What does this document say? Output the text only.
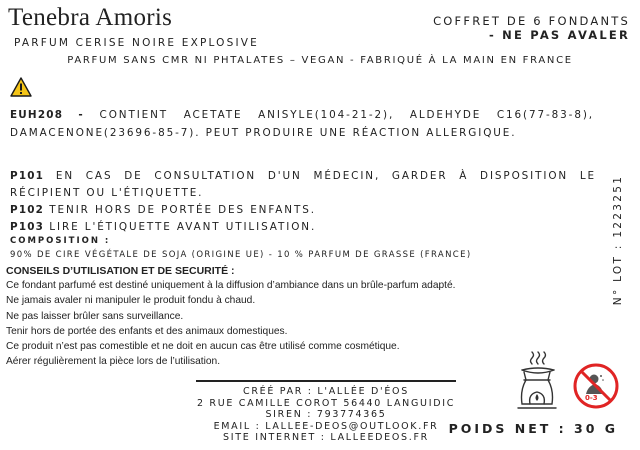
Tenebra Amoris
PARFUM CERISE NOIRE EXPLOSIVE
COFFRET DE 6 FONDANTS
- NE PAS AVALER
PARFUM SANS CMR NI PHTALATES – VEGAN - FABRIQUÉ À LA MAIN EN FRANCE
EUH208 - CONTIENT ACETATE ANISYLE(104-21-2), ALDEHYDE C16(77-83-8), DAMACENONE(23696-85-7). PEUT PRODUIRE UNE RÉACTION ALLERGIQUE.
P101 EN CAS DE CONSULTATION D'UN MÉDECIN, GARDER À DISPOSITION LE
RÉCIPIENT OU L'ÉTIQUETTE.
P102 TENIR HORS DE PORTÉE DES ENFANTS.
P103 LIRE L'ÉTIQUETTE AVANT UTILISATION.
COMPOSITION :
90% DE CIRE VÉGÉTALE DE SOJA (ORIGINE UE) - 10 % PARFUM DE GRASSE (FRANCE)
CONSEILS D’UTILISATION ET DE SECURITÉ :
Ce fondant parfumé est destiné uniquement à la diffusion d’ambiance dans un brûle-parfum adapté.
Ne jamais avaler ni manipuler le produit fondu à chaud.
Ne pas laisser brûler sans surveillance.
Tenir hors de portée des enfants et des animaux domestiques.
Ce produit n’est pas comestible et ne doit en aucun cas être utilisé comme cosmétique.
Aérer régulièrement la pièce lors de l’utilisation.
N° LOT : 1223251
CRÉÉ PAR : L'ALLÉE D'ÉOS
2 RUE CAMILLE COROT 56440 LANGUIDIC
SIREN : 793774365
EMAIL : LALLEE-DEOS@OUTLOOK.FR
SITE INTERNET : LALLEEDEOS.FR
0-3
POIDS NET : 30 G
